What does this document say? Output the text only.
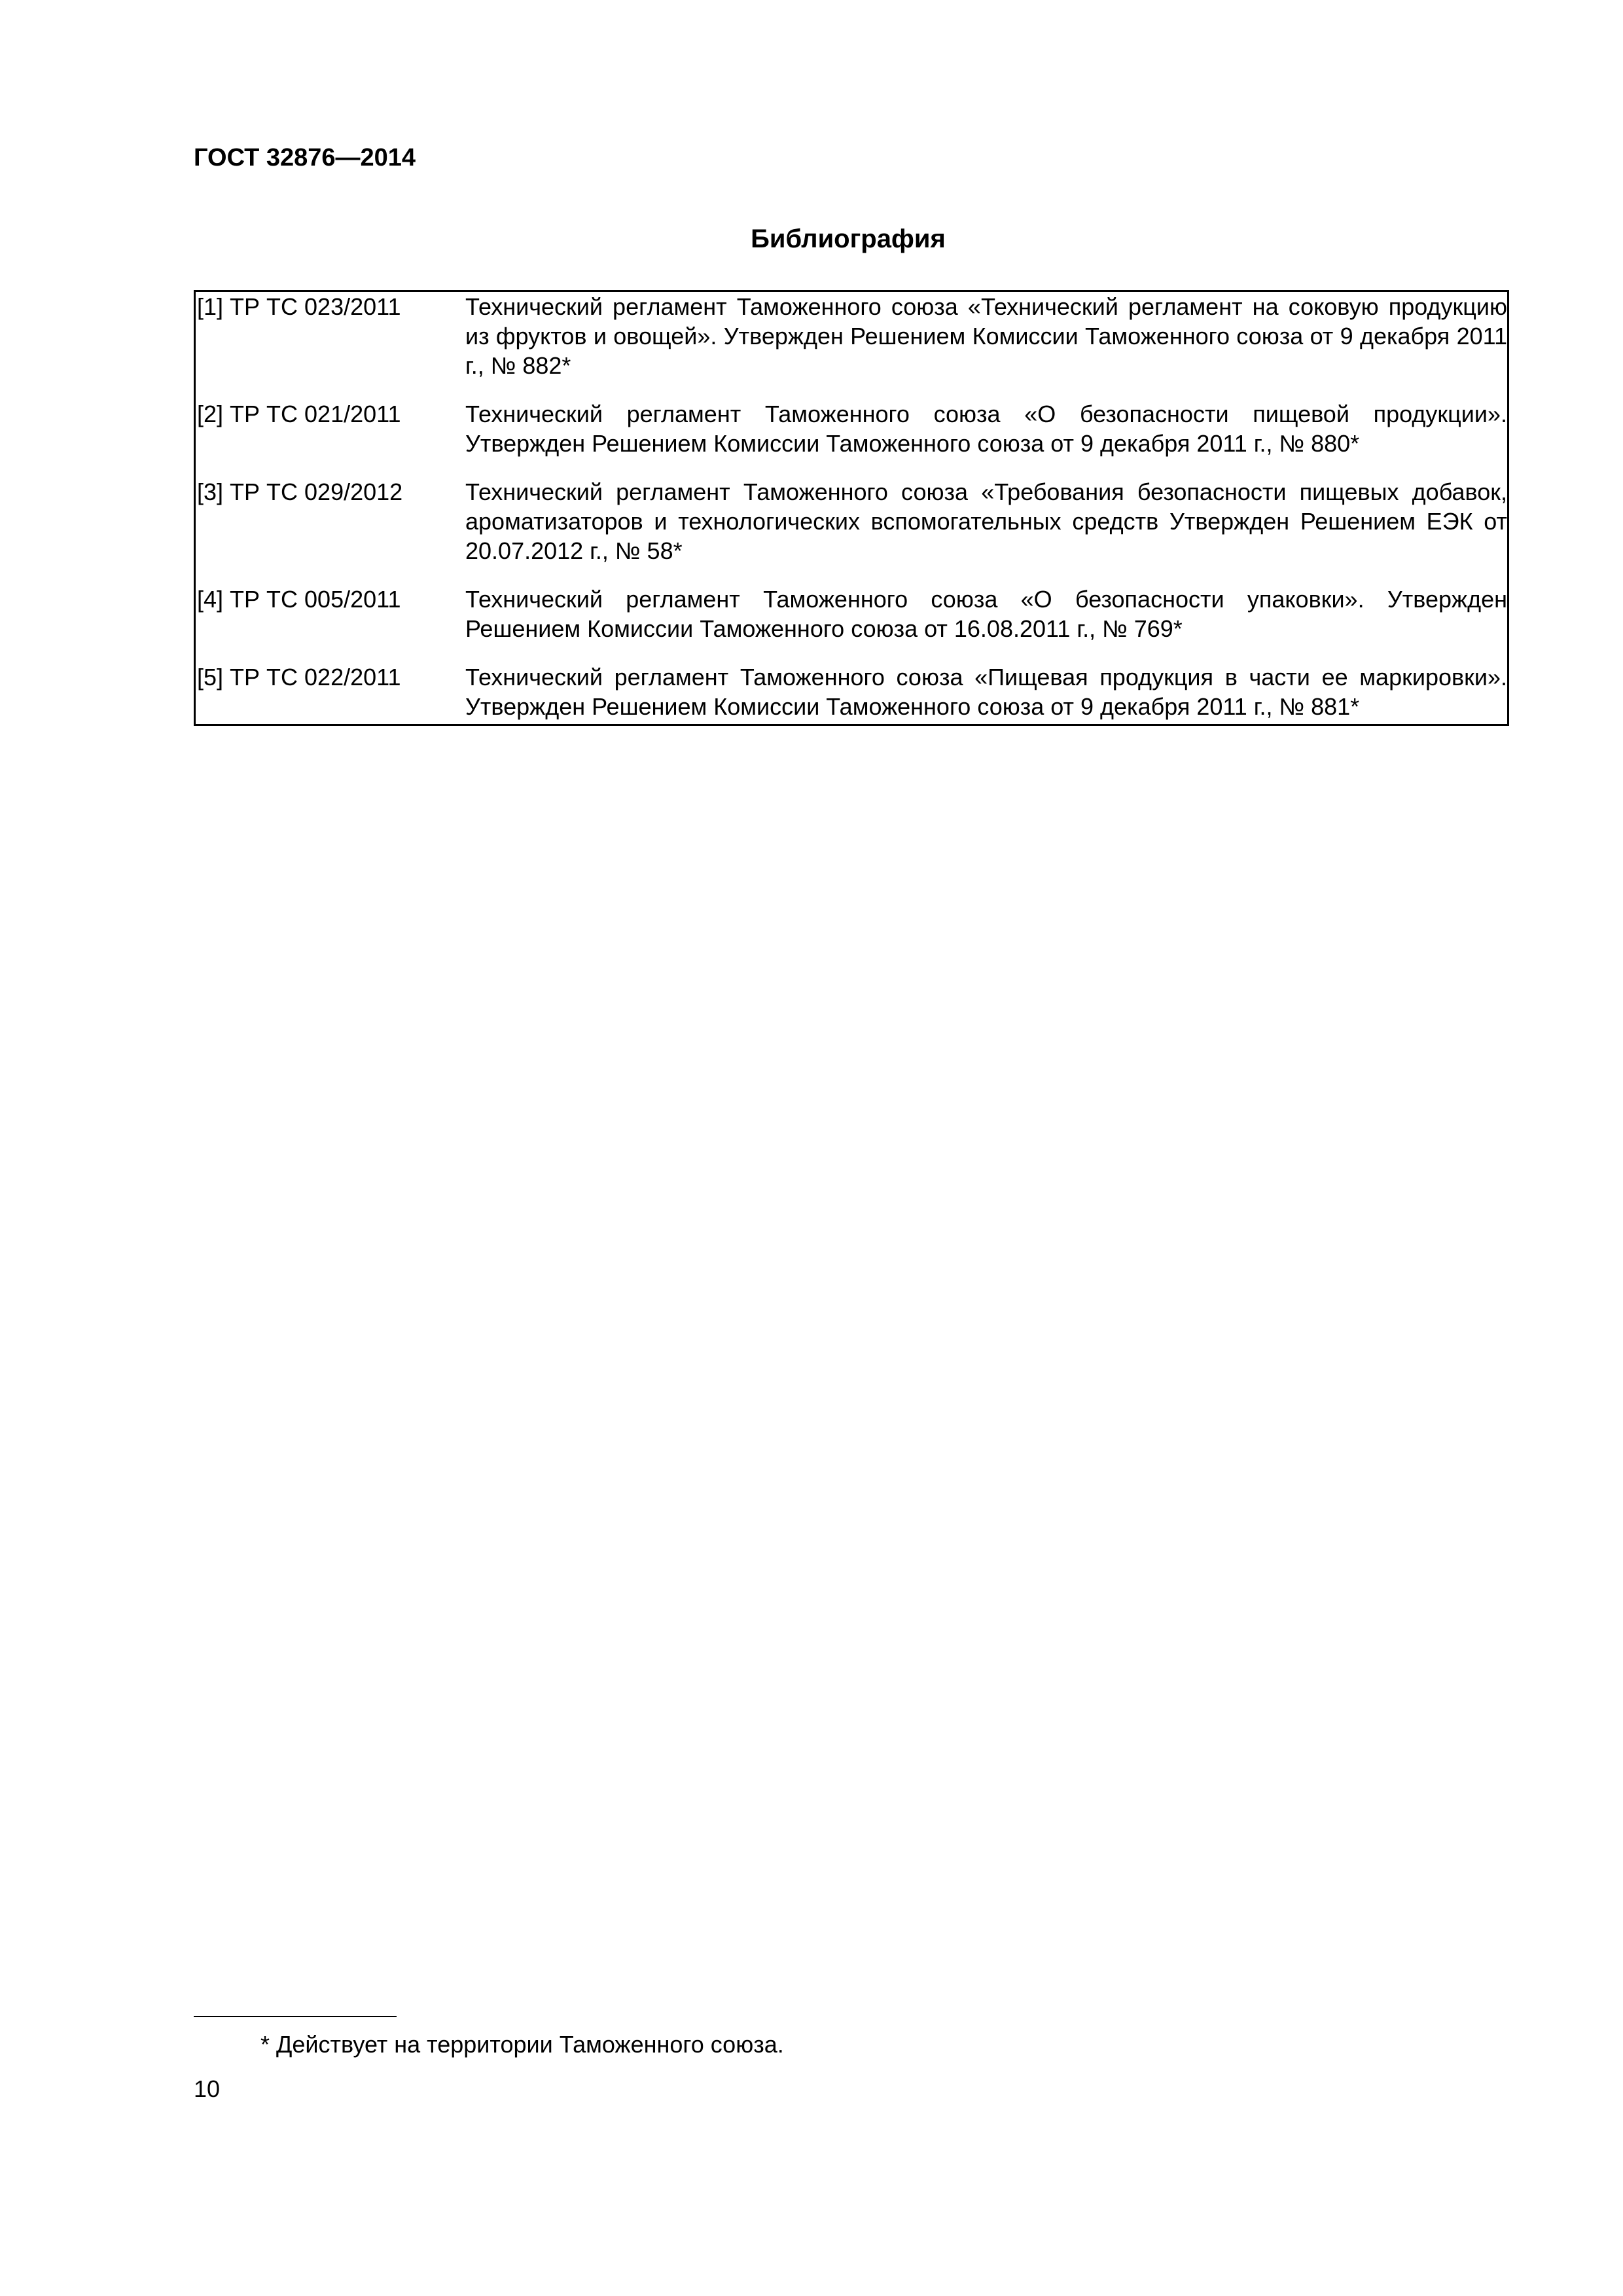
ГОСТ 32876—2014
Библиография
[1] ТР ТС 023/2011	Технический регламент Таможенного союза «Технический регламент на соковую продукцию из фруктов и овощей». Утвержден Решением Комиссии Таможенного союза от 9 декабря 2011 г., № 882*
[2] ТР ТС 021/2011	Технический регламент Таможенного союза «О безопасности пищевой продукции». Утвержден Решением Комиссии Таможенного союза от 9 декабря 2011 г., № 880*
[3] ТР ТС 029/2012	Технический регламент Таможенного союза «Требования безопасности пищевых добавок, ароматизаторов и технологических вспомогательных средств Утвержден Решением ЕЭК от 20.07.2012 г., № 58*
[4] ТР ТС 005/2011	Технический регламент Таможенного союза «О безопасности упаковки». Утвержден Решением Комиссии Таможенного союза от 16.08.2011 г., № 769*
[5] ТР ТС 022/2011	Технический регламент Таможенного союза «Пищевая продукция в части ее маркировки». Утвержден Решением Комиссии Таможенного союза от 9 декабря 2011 г., № 881*
* Действует на территории Таможенного союза.
10
